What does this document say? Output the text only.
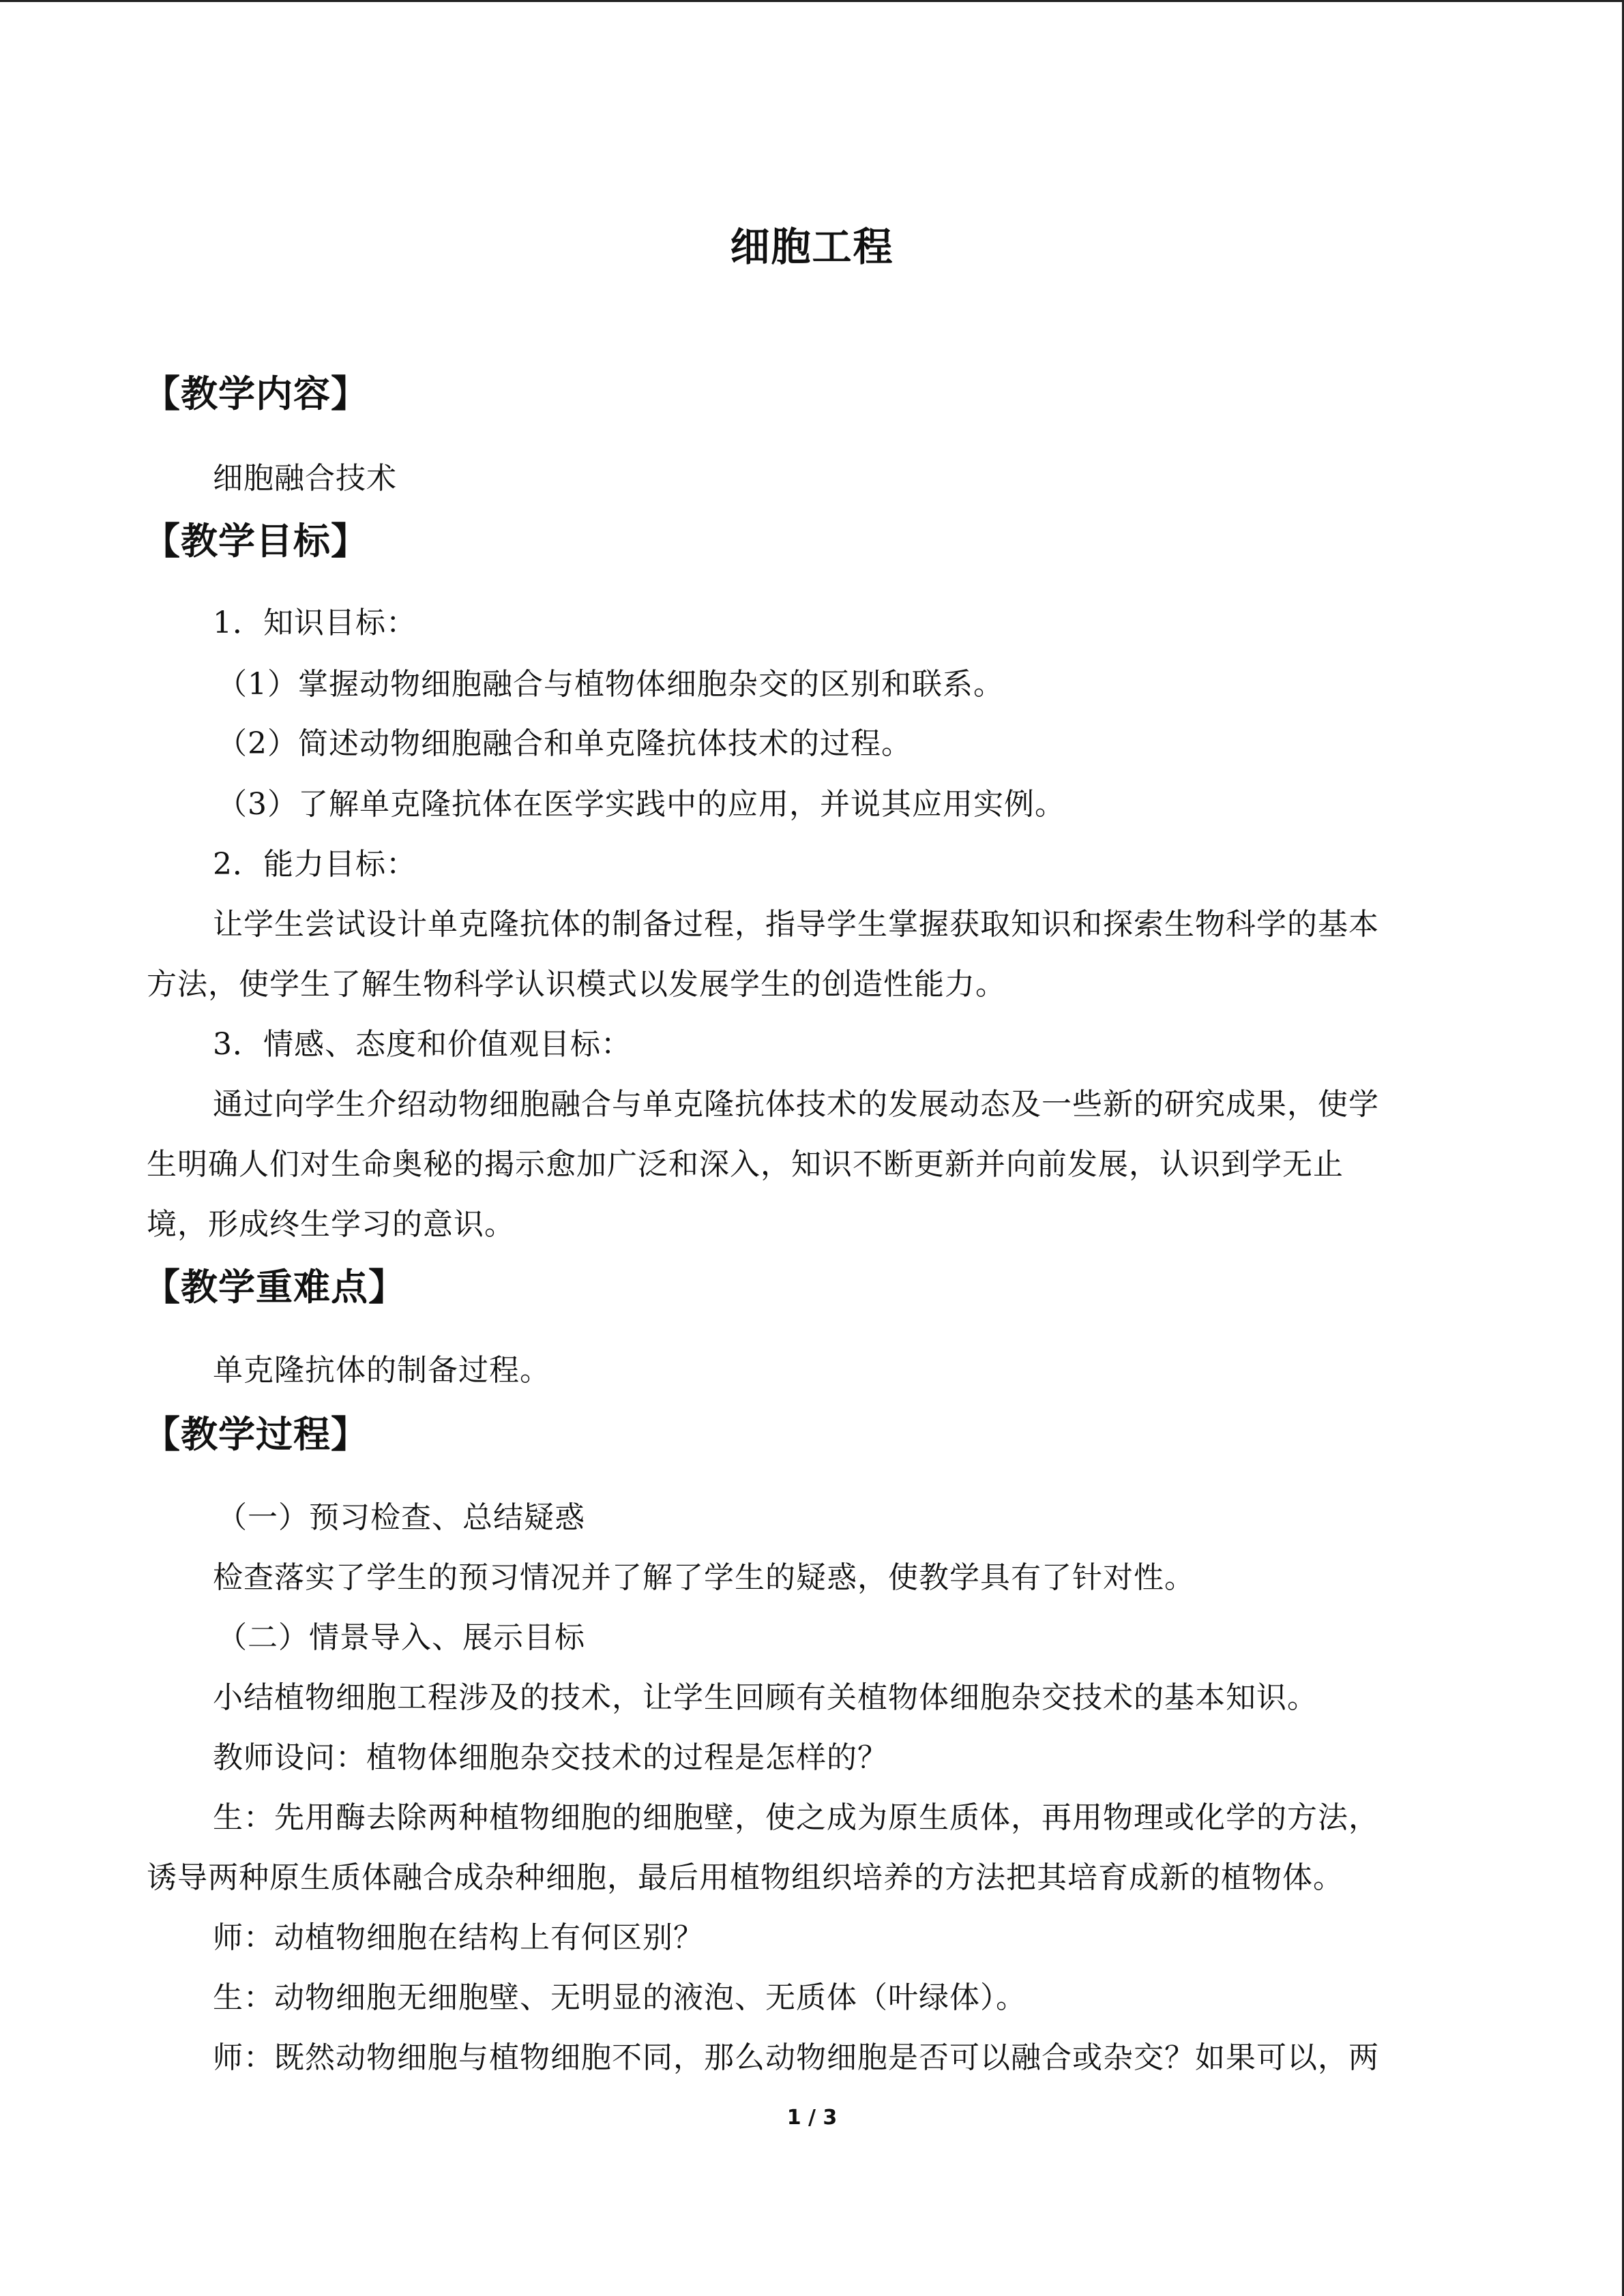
细胞工程
【教学内容】
细胞融合技术
【教学目标】
1．知识目标：
（1）掌握动物细胞融合与植物体细胞杂交的区别和联系。
（2）简述动物细胞融合和单克隆抗体技术的过程。
（3）了解单克隆抗体在医学实践中的应用，并说其应用实例。
2．能力目标：
让学生尝试设计单克隆抗体的制备过程，指导学生掌握获取知识和探索生物科学的基本
方法，使学生了解生物科学认识模式以发展学生的创造性能力。
3．情感、态度和价值观目标：
通过向学生介绍动物细胞融合与单克隆抗体技术的发展动态及一些新的研究成果，使学
生明确人们对生命奥秘的揭示愈加广泛和深入，知识不断更新并向前发展，认识到学无止
境，形成终生学习的意识。
【教学重难点】
单克隆抗体的制备过程。
【教学过程】
（一）预习检查、总结疑惑
检查落实了学生的预习情况并了解了学生的疑惑，使教学具有了针对性。
（二）情景导入、展示目标
小结植物细胞工程涉及的技术，让学生回顾有关植物体细胞杂交技术的基本知识。
教师设问：植物体细胞杂交技术的过程是怎样的？
生：先用酶去除两种植物细胞的细胞壁，使之成为原生质体，再用物理或化学的方法，
诱导两种原生质体融合成杂种细胞，最后用植物组织培养的方法把其培育成新的植物体。
师：动植物细胞在结构上有何区别？
生：动物细胞无细胞壁、无明显的液泡、无质体（叶绿体）。
师：既然动物细胞与植物细胞不同，那么动物细胞是否可以融合或杂交？如果可以，两
1 / 3
